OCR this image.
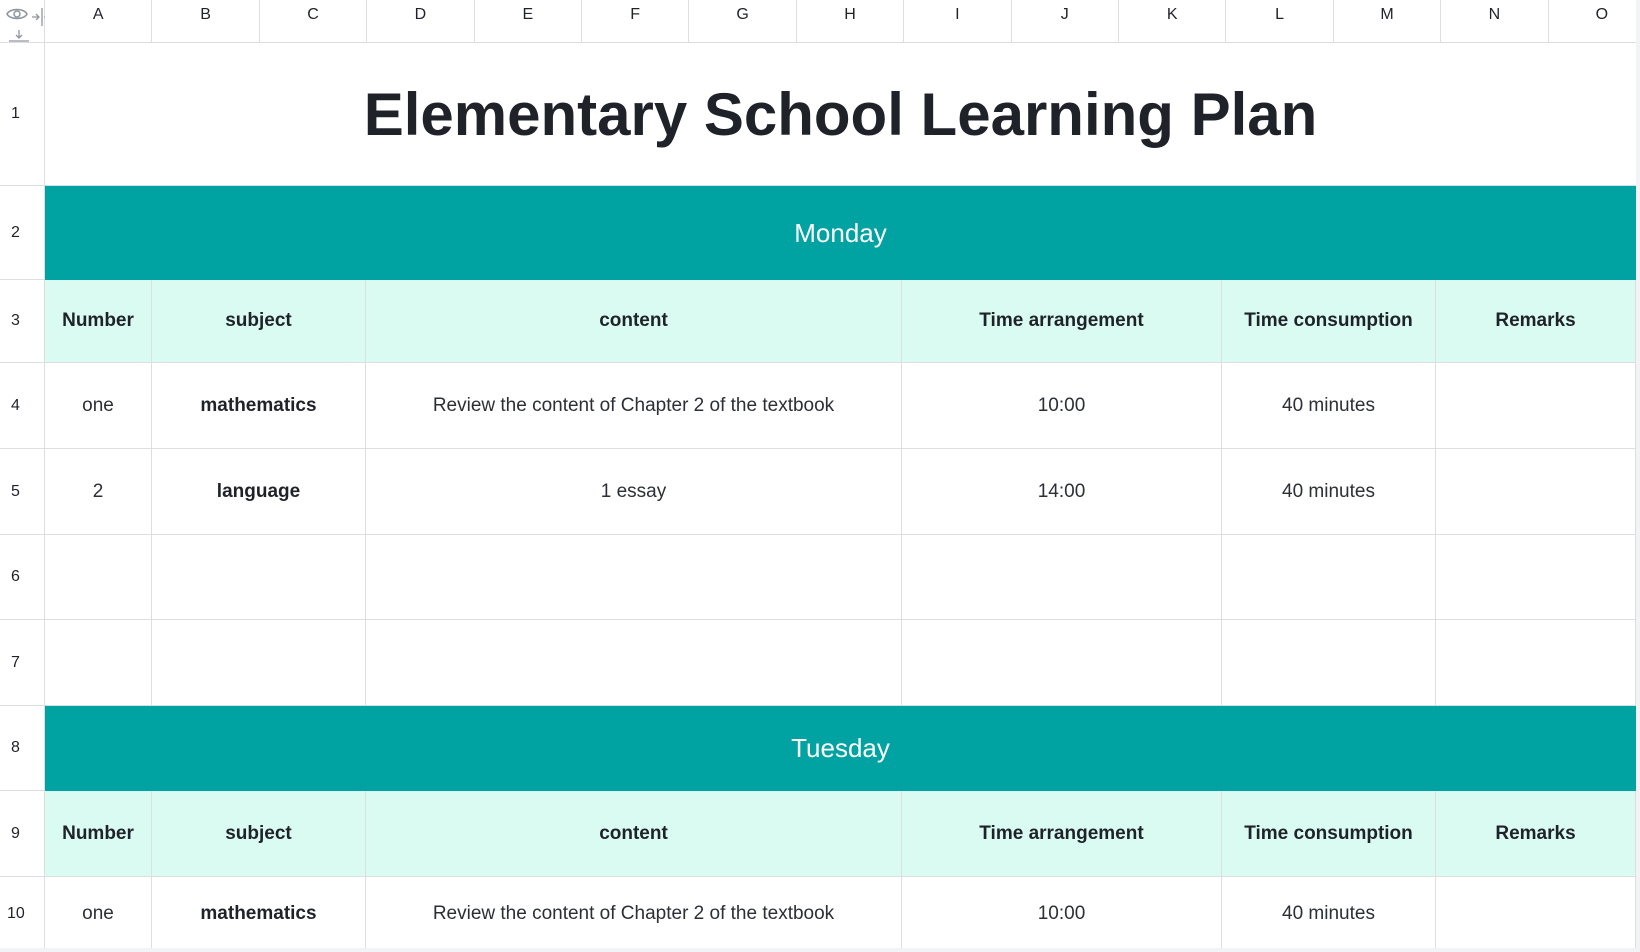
A	B	C	D	E	F	G	H	I	J	K	L	M	N	O
1
2
3
4
5
6
7
8
9
10
Elementary School Learning Plan
Monday
Number	subject	content	Time arrangement	Time consumption	Remarks
one	mathematics	Review the content of Chapter 2 of the textbook	10:00	40 minutes
2	language	1 essay	14:00	40 minutes
Tuesday
Number	subject	content	Time arrangement	Time consumption	Remarks
one	mathematics	Review the content of Chapter 2 of the textbook	10:00	40 minutes
